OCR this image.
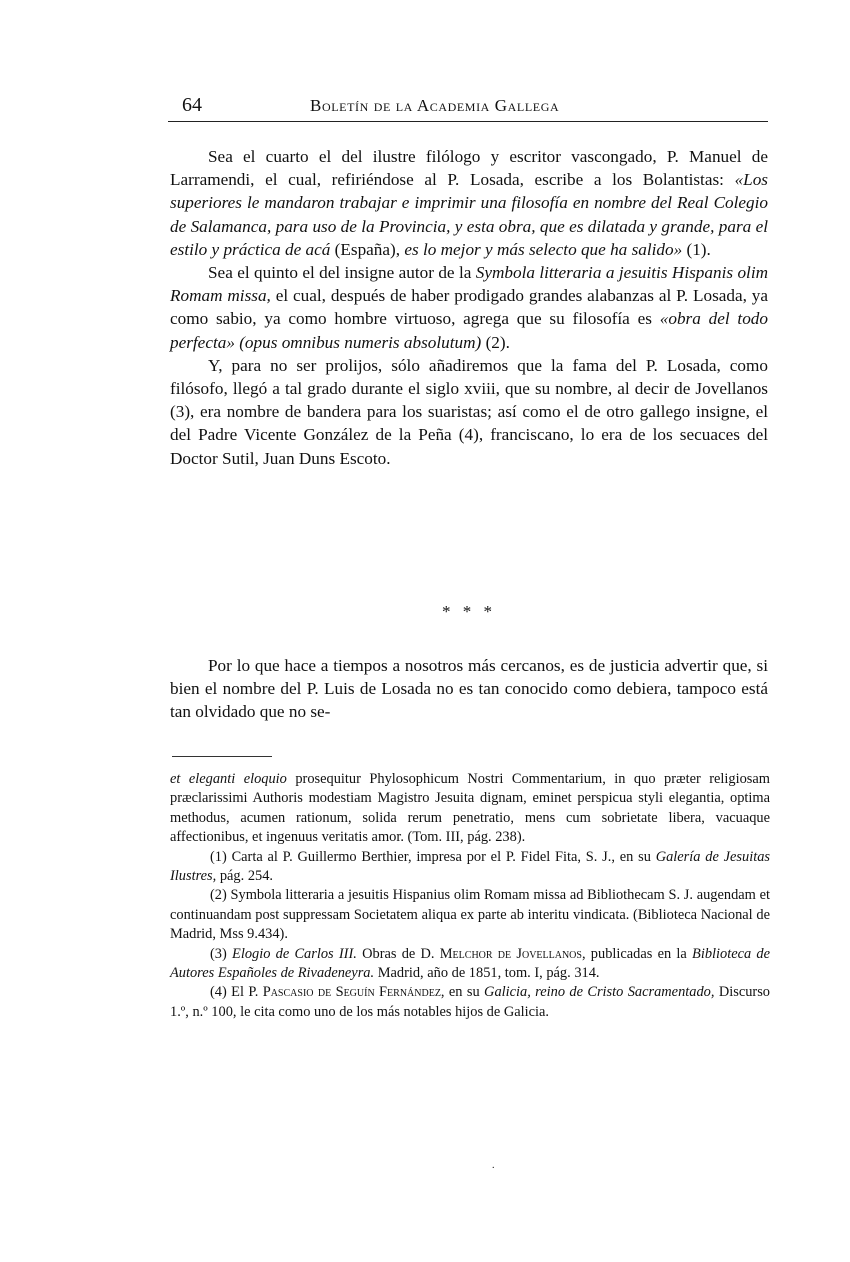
64	Boletín de la Academia Gallega

Sea el cuarto el del ilustre filólogo y escritor vascongado, P. Manuel de Larramendi, el cual, refiriéndose al P. Losada, escribe a los Bolantistas: «Los superiores le mandaron trabajar e imprimir una filosofía en nombre del Real Colegio de Salamanca, para uso de la Provincia, y esta obra, que es dilatada y grande, para el estilo y práctica de acá (España), es lo mejor y más selecto que ha salido» (1).

Sea el quinto el del insigne autor de la Symbola litteraria a jesuitis Hispanis olim Romam missa, el cual, después de haber prodigado grandes alabanzas al P. Losada, ya como sabio, ya como hombre virtuoso, agrega que su filosofía es «obra del todo perfecta» (opus omnibus numeris absolutum) (2).

Y, para no ser prolijos, sólo añadiremos que la fama del P. Losada, como filósofo, llegó a tal grado durante el siglo xviii, que su nombre, al decir de Jovellanos (3), era nombre de bandera para los suaristas; así como el de otro gallego insigne, el del Padre Vicente González de la Peña (4), franciscano, lo era de los secuaces del Doctor Sutil, Juan Duns Escoto.

* * *

Por lo que hace a tiempos a nosotros más cercanos, es de justicia advertir que, si bien el nombre del P. Luis de Losada no es tan conocido como debiera, tampoco está tan olvidado que no se-

et eleganti eloquio prosequitur Phylosophicum Nostri Commentarium, in quo præter religiosam præclarissimi Authoris modestiam Magistro Jesuita dignam, eminet perspicua styli elegantia, optima methodus, acumen rationum, solida rerum penetratio, mens cum sobrietate libera, vacuaque affectionibus, et ingenuus veritatis amor. (Tom. III, pág. 238).

(1) Carta al P. Guillermo Berthier, impresa por el P. Fidel Fita, S. J., en su Galería de Jesuitas Ilustres, pág. 254.

(2) Symbola litteraria a jesuitis Hispanius olim Romam missa ad Bibliothecam S. J. augendam et continuandam post suppressam Societatem aliqua ex parte ab interitu vindicata. (Biblioteca Nacional de Madrid, Mss 9.434).

(3) Elogio de Carlos III. Obras de D. Melchor de Jovellanos, publicadas en la Biblioteca de Autores Españoles de Rivadeneyra. Madrid, año de 1851, tom. I, pág. 314.

(4) El P. Pascasio de Seguín Fernández, en su Galicia, reino de Cristo Sacramentado, Discurso 1.º, n.º 100, le cita como uno de los más notables hijos de Galicia.

.
